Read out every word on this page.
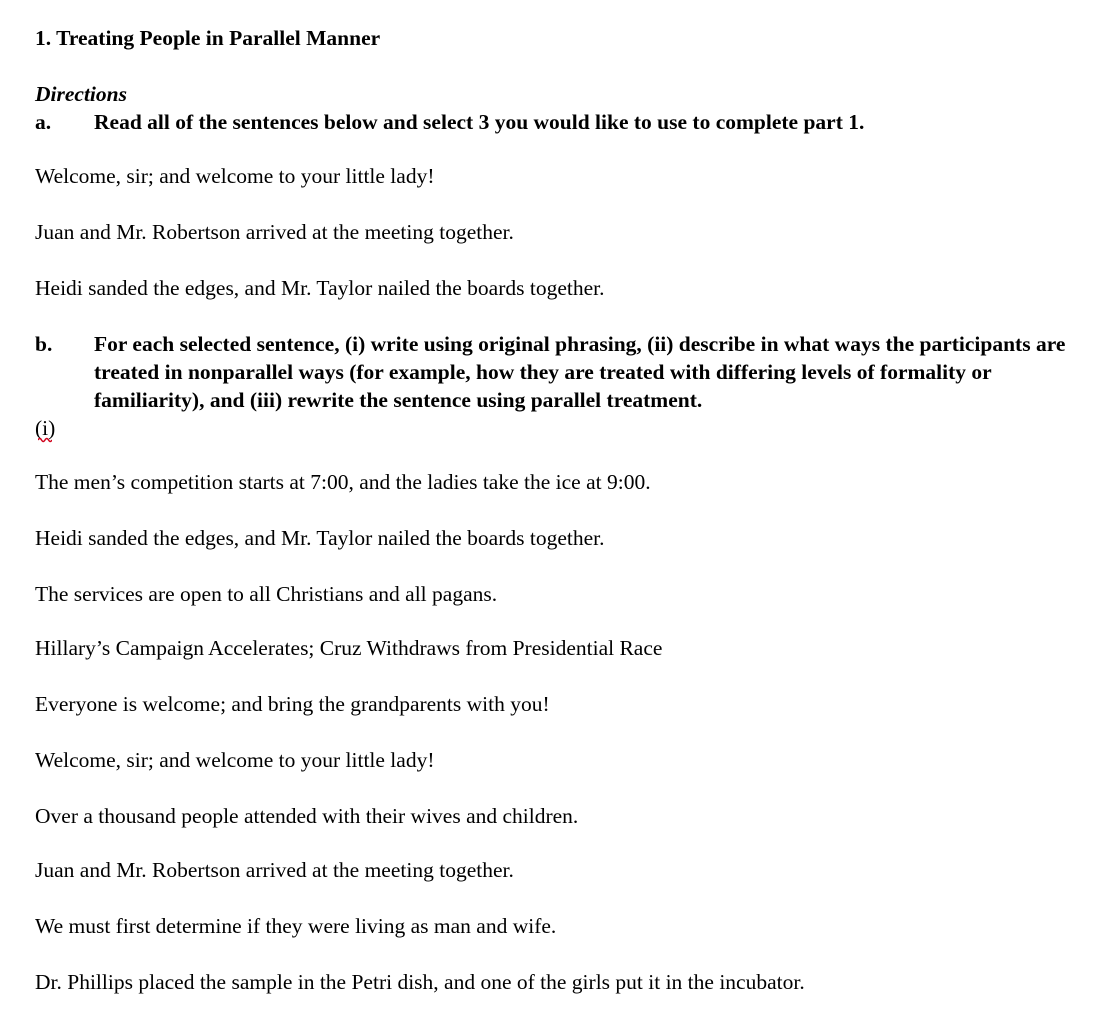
1. Treating People in Parallel Manner
Directions
a.	Read all of the sentences below and select 3 you would like to use to complete part 1.
Welcome, sir; and welcome to your little lady!
Juan and Mr. Robertson arrived at the meeting together.
Heidi sanded the edges, and Mr. Taylor nailed the boards together.
b.	For each selected sentence, (i) write using original phrasing, (ii) describe in what ways the participants are treated in nonparallel ways (for example, how they are treated with differing levels of formality or familiarity), and (iii) rewrite the sentence using parallel treatment.
(i)
The men’s competition starts at 7:00, and the ladies take the ice at 9:00.
Heidi sanded the edges, and Mr. Taylor nailed the boards together.
The services are open to all Christians and all pagans.
Hillary’s Campaign Accelerates; Cruz Withdraws from Presidential Race
Everyone is welcome; and bring the grandparents with you!
Welcome, sir; and welcome to your little lady!
Over a thousand people attended with their wives and children.
Juan and Mr. Robertson arrived at the meeting together.
We must first determine if they were living as man and wife.
Dr. Phillips placed the sample in the Petri dish, and one of the girls put it in the incubator.
